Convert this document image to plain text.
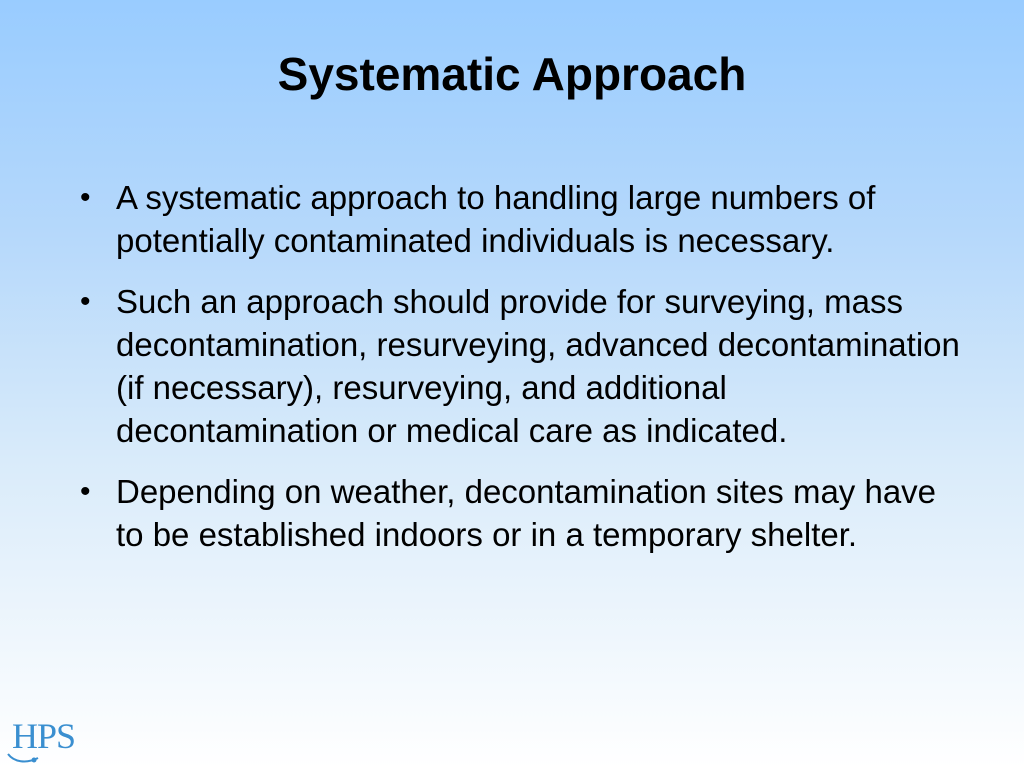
Systematic Approach
• A systematic approach to handling large numbers of potentially contaminated individuals is necessary.
• Such an approach should provide for surveying, mass decontamination, resurveying, advanced decontamination (if necessary), resurveying, and additional decontamination or medical care as indicated.
• Depending on weather, decontamination sites may have to be established indoors or in a temporary shelter.
HPS
